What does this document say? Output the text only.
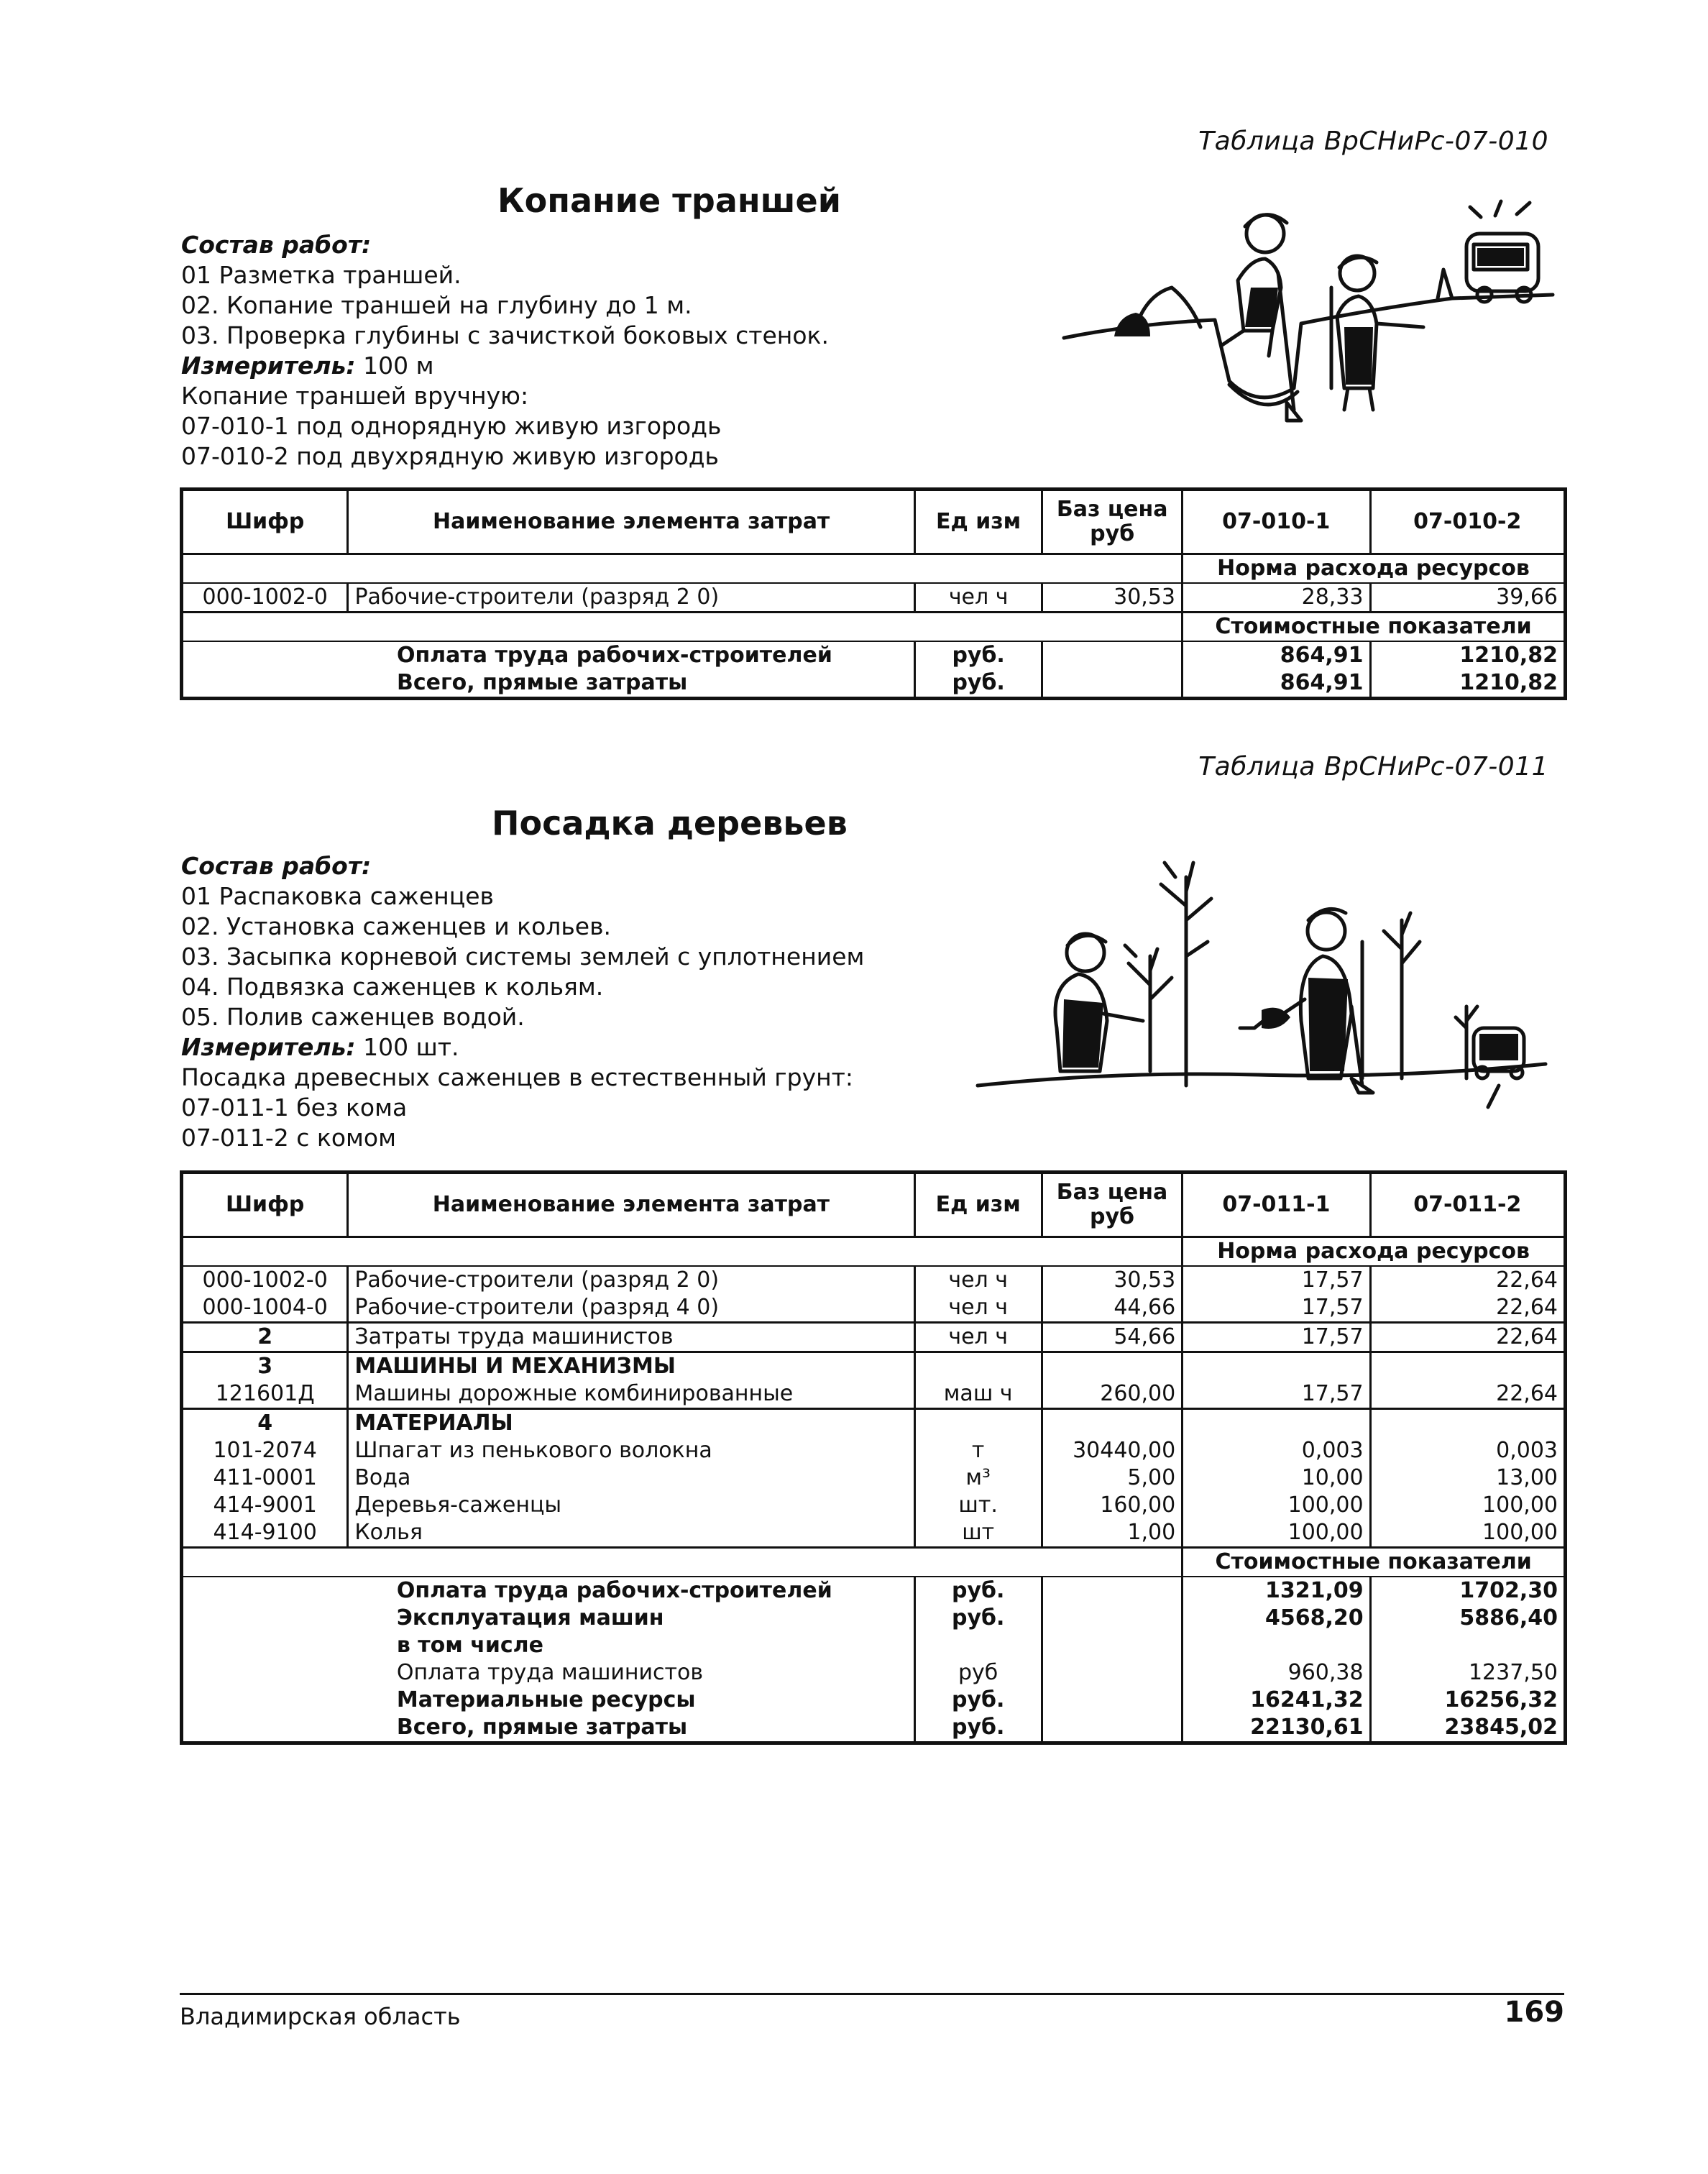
Таблица ВрСНиРс-07-010
Копание траншей
Состав работ:
01 Разметка траншей.
02. Копание траншей на глубину до 1 м.
03. Проверка глубины с зачисткой боковых стенок.
Измеритель: 100 м
Копание траншей вручную:
07-010-1 под одноpядную живую изгородь
07-010-2 под двухрядную живую изгородь
Шифр	Наименование элемента затрат	Ед изм	Баз цена руб	07-010-1	07-010-2
				Норма расхода ресурсов	
000-1002-0	Рабочие-строители (разряд 2 0)	чел ч	30,53	28,33	39,66
				Стоимостные показатели	
	Оплата труда рабочих-строителей	руб.		864,91	1210,82
	Всего, прямые затраты	руб.		864,91	1210,82
Таблица ВрСНиРс-07-011
Посадка деревьев
Состав работ:
01 Распаковка саженцев
02. Установка саженцев и кольев.
03. Засыпка корневой системы землей с уплотнением
04. Подвязка саженцев к кольям.
05. Полив саженцев водой.
Измеритель: 100 шт.
Посадка древесных саженцев в естественный грунт:
07-011-1 без кома
07-011-2 с комом
Шифр	Наименование элемента затрат	Ед изм	Баз цена руб	07-011-1	07-011-2
				Норма расхода ресурсов	
000-1002-0	Рабочие-строители (разряд 2 0)	чел ч	30,53	17,57	22,64
000-1004-0	Рабочие-строители (разряд 4 0)	чел ч	44,66	17,57	22,64
2	Затраты труда машинистов	чел ч	54,66	17,57	22,64
3	МАШИНЫ И МЕХАНИЗМЫ				
121601Д	Машины дорожные комбинированные	маш ч	260,00	17,57	22,64
4	МАТЕРИАЛЫ				
101-2074	Шпагат из пенькового волокна	т	30440,00	0,003	0,003
411-0001	Вода	м³	5,00	10,00	13,00
414-9001	Деревья-саженцы	шт.	160,00	100,00	100,00
414-9100	Колья	шт	1,00	100,00	100,00
				Стоимостные показатели	
	Оплата труда рабочих-строителей	руб.		1321,09	1702,30
	Эксплуатация машин	руб.		4568,20	5886,40
	в том числе				
	Оплата труда машинистов	руб		960,38	1237,50
	Материальные ресурсы	руб.		16241,32	16256,32
	Всего, прямые затраты	руб.		22130,61	23845,02
Владимирская область	169
